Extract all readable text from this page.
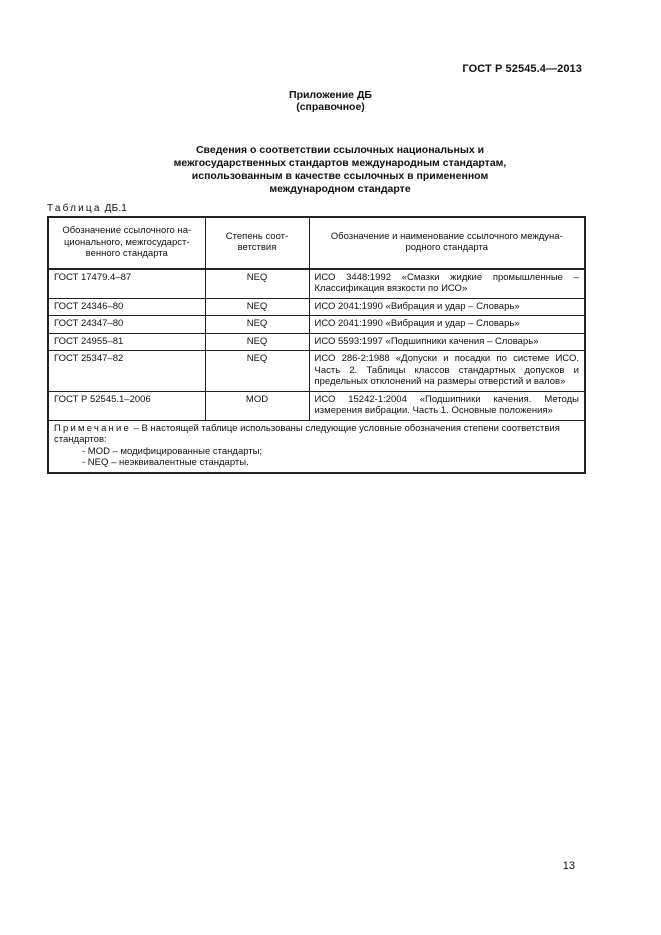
ГОСТ Р 52545.4—2013
Приложение ДБ
(справочное)
Сведения о соответствии ссылочных национальных и
межгосударственных стандартов международным стандартам,
использованным в качестве ссылочных в примененном
международном стандарте
Таблица ДБ.1
Обозначение ссылочного на-ционального, межгосударст-венного стандарта	Степень соот-ветствия	Обозначение и наименование ссылочного междуна-родного стандарта
ГОСТ 17479.4–87	NEQ	ИСО 3448:1992 «Смазки жидкие промышленные – Классификация вязкости по ИСО»
ГОСТ 24346–80	NEQ	ИСО 2041:1990 «Вибрация и удар – Словарь»
ГОСТ 24347–80	NEQ	ИСО 2041:1990 «Вибрация и удар – Словарь»
ГОСТ 24955–81	NEQ	ИСО 5593:1997 «Подшипники качения – Словарь»
ГОСТ 25347–82	NEQ	ИСО 286-2:1988 «Допуски и посадки по системе ИСО. Часть 2. Таблицы классов стандартных допусков и предельных отклонений на размеры отверстий и валов»
ГОСТ Р 52545.1–2006	MOD	ИСО 15242-1:2004 «Подшипники качения. Методы измерения вибрации. Часть 1. Основные положения»
Примечание – В настоящей таблице использованы следующие условные обозначения степени соответствия стандартов:
- MOD – модифицированные стандарты;
- NEQ – неэквивалентные стандарты.		
13
